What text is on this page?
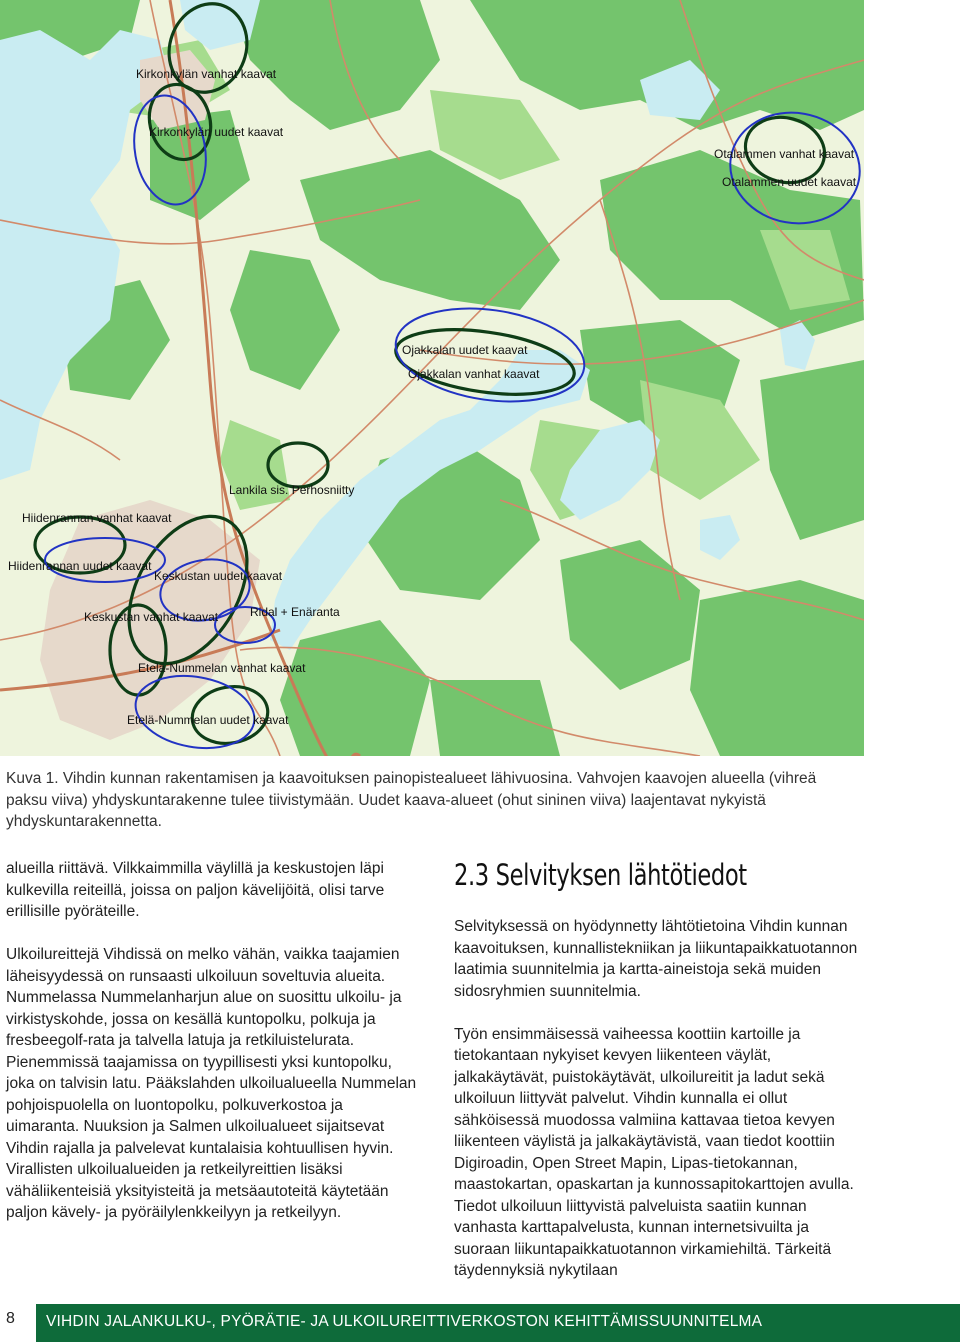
Kirkonkylän vanhat kaavat
Kirkonkylän uudet kaavat
Otalammen vanhat kaavat
Otalammen uudet kaavat
Ojakkalan uudet kaavat
Ojakkalan vanhat kaavat
Lankila sis. Perhosniitty
Hiidenrannan vanhat kaavat
Hiidenrannan uudet kaavat
Keskustan uudet kaavat
Keskustan vanhat kaavat	Ridal + Enäranta
Etelä-Nummelan vanhat kaavat
Etelä-Nummelan uudet kaavat

Kuva 1. Vihdin kunnan rakentamisen ja kaavoituksen painopistealueet lähivuosina. Vahvojen kaavojen alueella (vihreä paksu viiva) yhdyskuntarakenne tulee tiivistymään. Uudet kaava-alueet (ohut sininen viiva) laajentavat nykyistä yhdyskuntarakennetta.

alueilla riittävä. Vilkkaimmilla väylillä ja keskustojen läpi kulkevilla reiteillä, joissa on paljon kävelijöitä, olisi tarve erillisille pyöräteille.

Ulkoilureittejä Vihdissä on melko vähän, vaikka taajamien läheisyydessä on runsaasti ulkoiluun soveltuvia alueita. Nummelassa Nummelanharjun alue on suosittu ulkoilu- ja virkistyskohde, jossa on kesällä kuntopolku, polkuja ja fresbeegolf-rata ja talvella latuja ja retkiluistelurata. Pienemmissä taajamissa on tyypillisesti yksi kuntopolku, joka on talvisin latu. Pääkslahden ulkoilualueella Nummelan pohjoispuolella on luontopolku, polkuverkostoa ja uimaranta. Nuuksion ja Salmen ulkoilualueet sijaitsevat Vihdin rajalla ja palvelevat kuntalaisia kohtuullisen hyvin. Virallisten ulkoilualueiden ja retkeilyreittien lisäksi vähäliikenteisiä yksityisteitä ja metsäautoteitä käytetään paljon kävely- ja pyöräilylenkkeilyyn ja retkeilyyn.

2.3 Selvityksen lähtötiedot

Selvityksessä on hyödynnetty lähtötietoina Vihdin kunnan kaavoituksen, kunnallistekniikan ja liikuntapaikkatuotannon laatimia suunnitelmia ja kartta-aineistoja sekä muiden sidosryhmien suunnitelmia.

Työn ensimmäisessä vaiheessa koottiin kartoille ja tietokantaan nykyiset kevyen liikenteen väylät, jalkakäytävät, puistokäytävät, ulkoilureitit ja ladut sekä ulkoiluun liittyvät palvelut. Vihdin kunnalla ei ollut sähköisessä muodossa valmiina kattavaa tietoa kevyen liikenteen väylistä ja jalkakäytävistä, vaan tiedot koottiin Digiroadin, Open Street Mapin, Lipas-tietokannan, maastokartan, opaskartan ja kunnossapitokarttojen avulla. Tiedot ulkoiluun liittyvistä palveluista saatiin kunnan vanhasta karttapalvelusta, kunnan internetsivuilta ja suoraan liikuntapaikkatuotannon virkamiehiltä. Tärkeitä täydennyksiä nykytilaan

8 VIHDIN JALANKULKU-, PYÖRÄTIE- JA ULKOILUREITTIVERKOSTON KEHITTÄMISSUUNNITELMA
